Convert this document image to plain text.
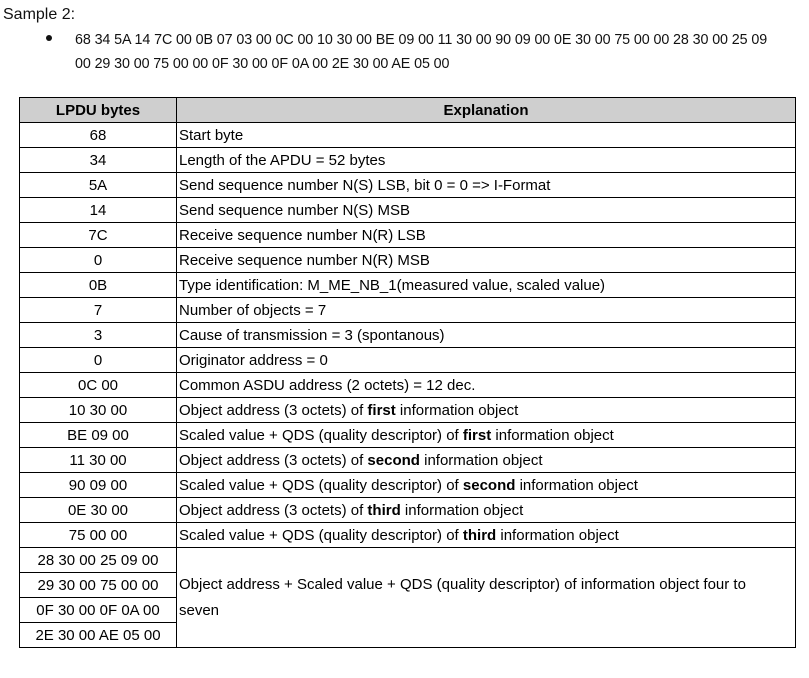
Sample 2:
68 34 5A 14 7C 00 0B 07 03 00 0C 00 10 30 00 BE 09 00 11 30 00 90 09 00 0E 30 00 75 00 00 28 30 00 25 09 00 29 30 00 75 00 00 0F 30 00 0F 0A 00 2E 30 00 AE 05 00
LPDU bytes	Explanation
68	Start byte
34	Length of the APDU = 52 bytes
5A	Send sequence number N(S) LSB, bit 0 = 0 => I-Format
14	Send sequence number N(S) MSB
7C	Receive sequence number N(R) LSB
0	Receive sequence number N(R) MSB
0B	Type identification: M_ME_NB_1(measured value, scaled value)
7	Number of objects = 7
3	Cause of transmission = 3 (spontanous)
0	Originator address = 0
0C 00	Common ASDU address (2 octets) = 12 dec.
10 30 00	Object address (3 octets) of first information object
BE 09 00	Scaled value + QDS (quality descriptor) of first information object
11 30 00	Object address (3 octets) of second information object
90 09 00	Scaled value + QDS (quality descriptor) of second information object
0E 30 00	Object address (3 octets) of third information object
75 00 00	Scaled value + QDS (quality descriptor) of third information object
28 30 00 25 09 00	Object address + Scaled value + QDS (quality descriptor) of information object four to seven
29 30 00 75 00 00	
0F 30 00 0F 0A 00	
2E 30 00 AE 05 00	
